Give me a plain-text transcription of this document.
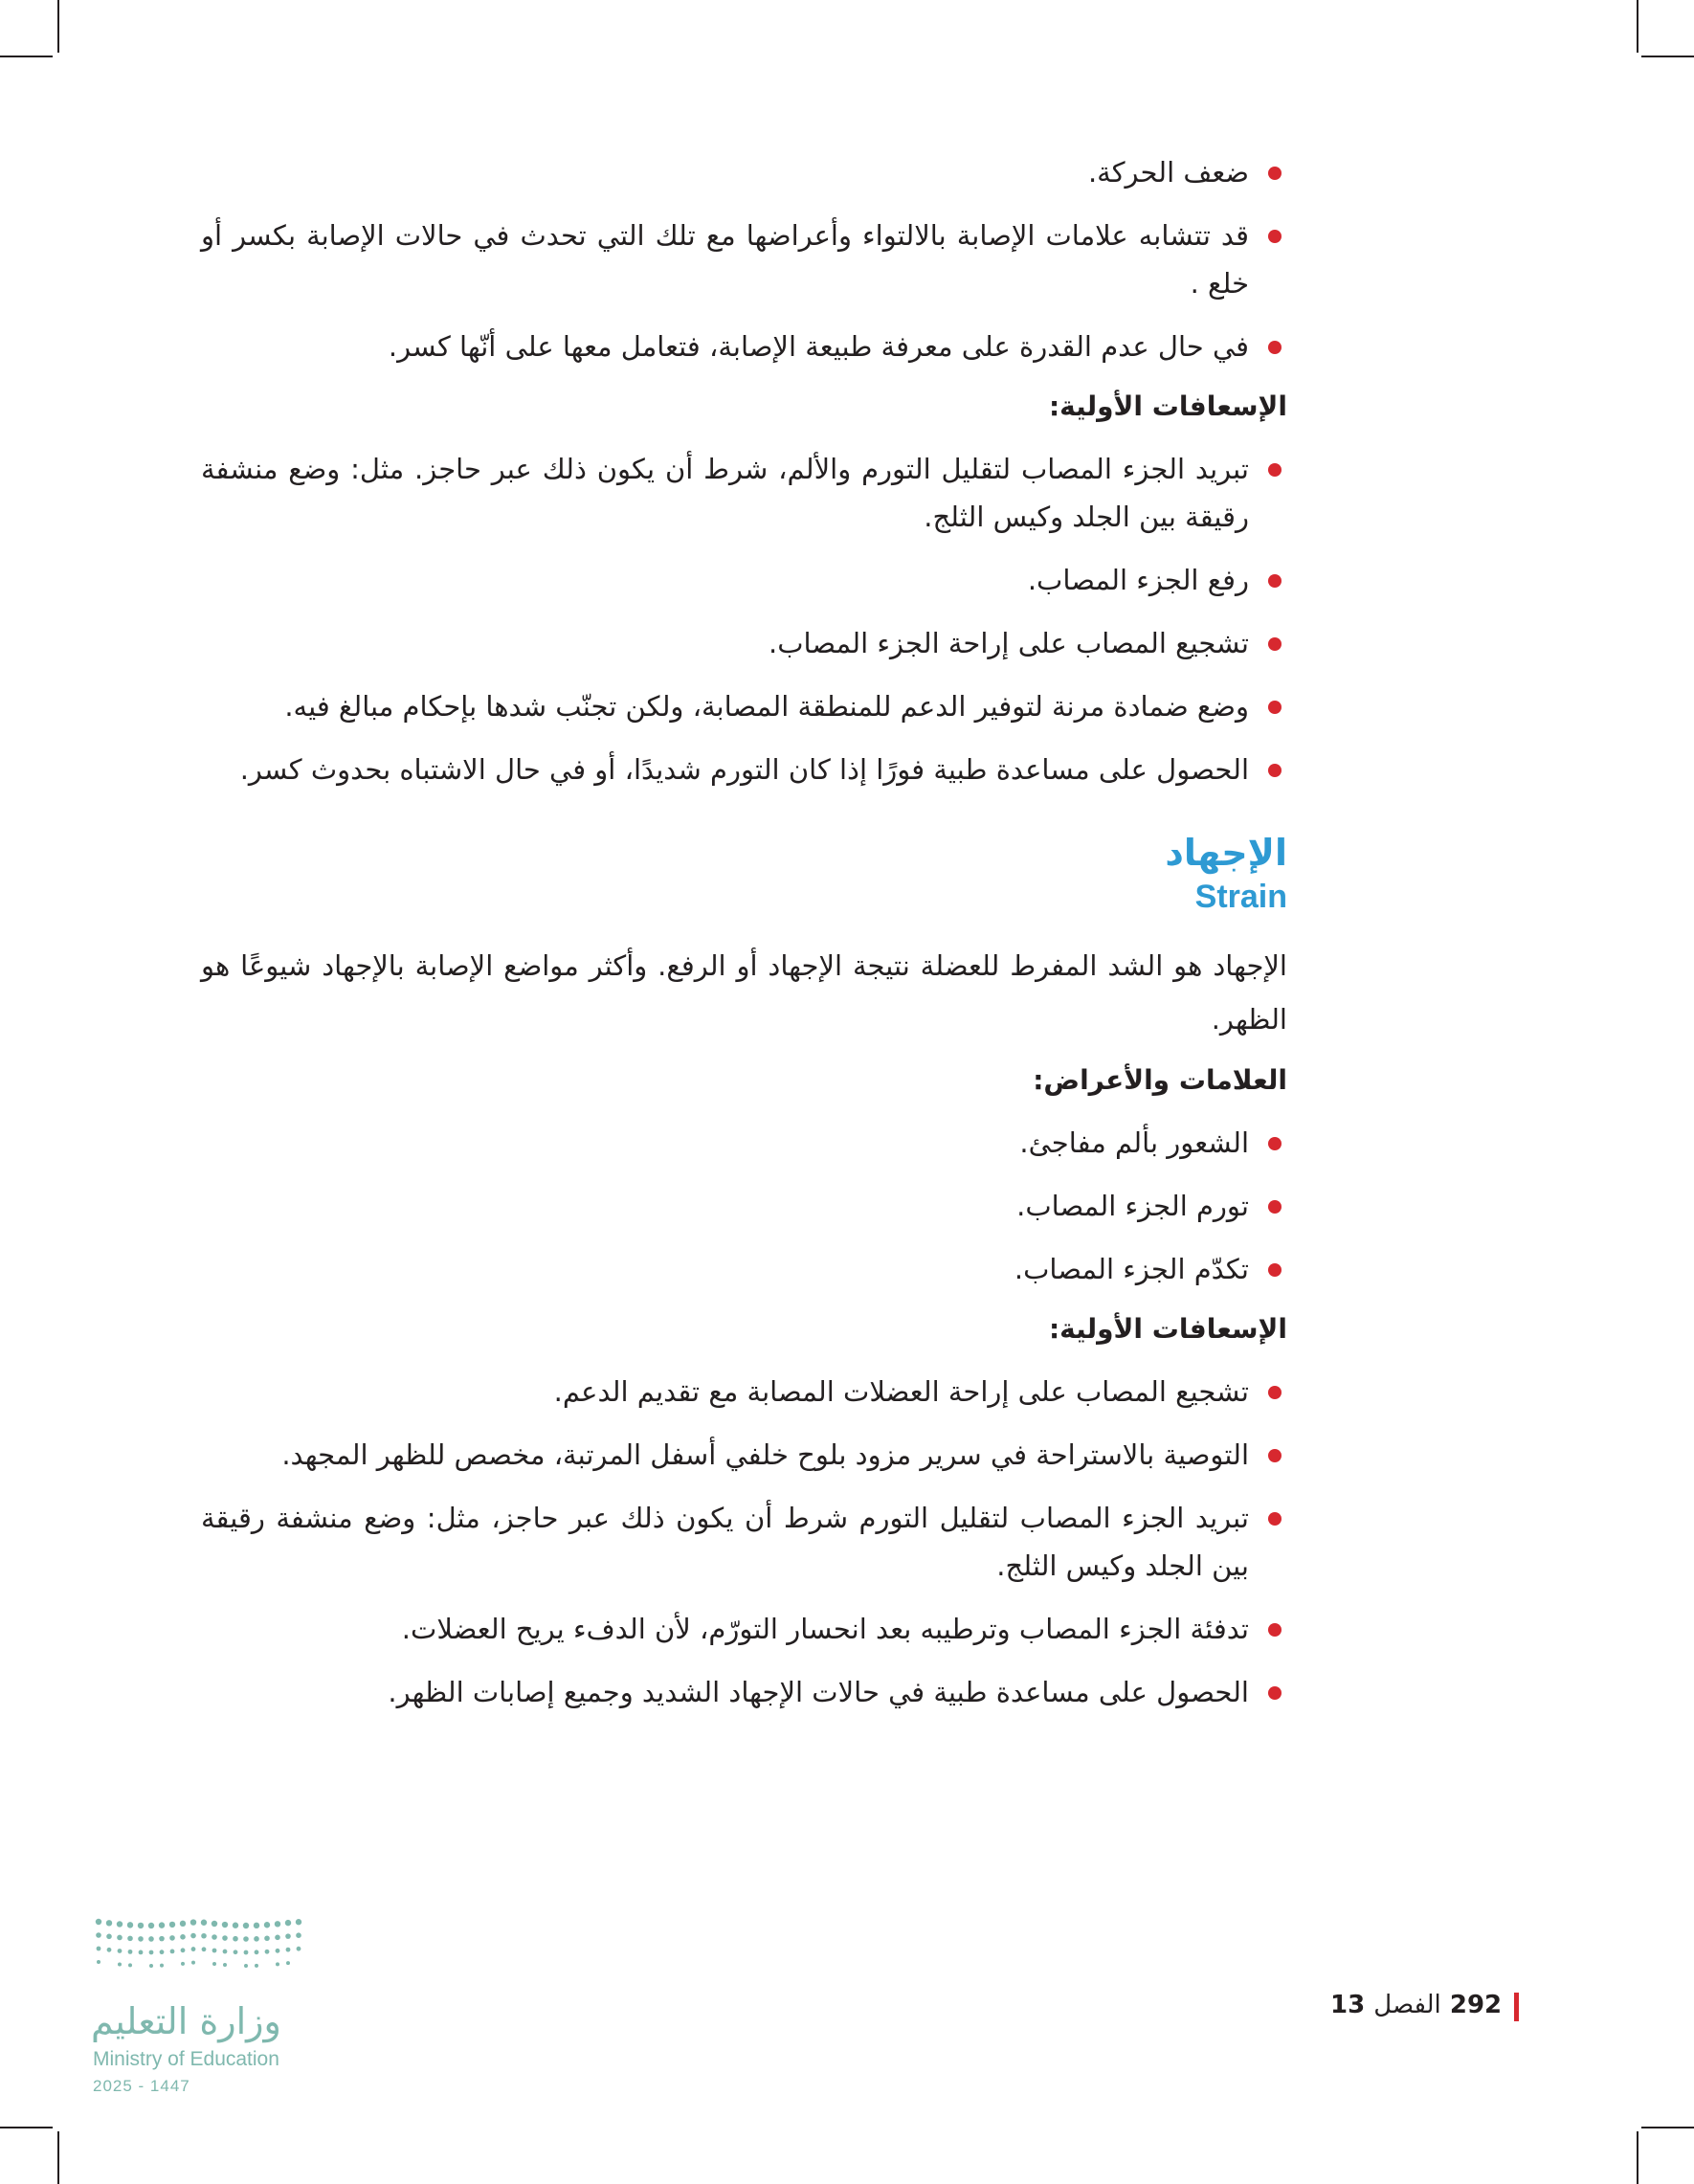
ضعف الحركة.
قد تتشابه علامات الإصابة بالالتواء وأعراضها مع تلك التي تحدث في حالات الإصابة بكسر أو خلع .
في حال عدم القدرة على معرفة طبيعة الإصابة، فتعامل معها على أنّها كسر.
الإسعافات الأولية:
تبريد الجزء المصاب لتقليل التورم والألم، شرط أن يكون ذلك عبر حاجز. مثل: وضع منشفة رقيقة بين الجلد وكيس الثلج.
رفع الجزء المصاب.
تشجيع المصاب على إراحة الجزء المصاب.
وضع ضمادة مرنة لتوفير الدعم للمنطقة المصابة، ولكن تجنّب شدها بإحكام مبالغ فيه.
الحصول على مساعدة طبية فورًا إذا كان التورم شديدًا، أو في حال الاشتباه بحدوث كسر.
الإجهاد
Strain
الإجهاد هو الشد المفرط للعضلة نتيجة الإجهاد أو الرفع. وأكثر مواضع الإصابة بالإجهاد شيوعًا هو الظهر.
العلامات والأعراض:
الشعور بألم مفاجئ.
تورم الجزء المصاب.
تكدّم الجزء المصاب.
الإسعافات الأولية:
تشجيع المصاب على إراحة العضلات المصابة مع تقديم الدعم.
التوصية بالاستراحة في سرير مزود بلوح خلفي أسفل المرتبة، مخصص للظهر المجهد.
تبريد الجزء المصاب لتقليل التورم شرط أن يكون ذلك عبر حاجز، مثل: وضع منشفة رقيقة بين الجلد وكيس الثلج.
تدفئة الجزء المصاب وترطيبه بعد انحسار التورّم، لأن الدفء يريح العضلات.
الحصول على مساعدة طبية في حالات الإجهاد الشديد وجميع إصابات الظهر.
292 الفصل 13
وزارة التعليم
Ministry of Education
2025 - 1447
